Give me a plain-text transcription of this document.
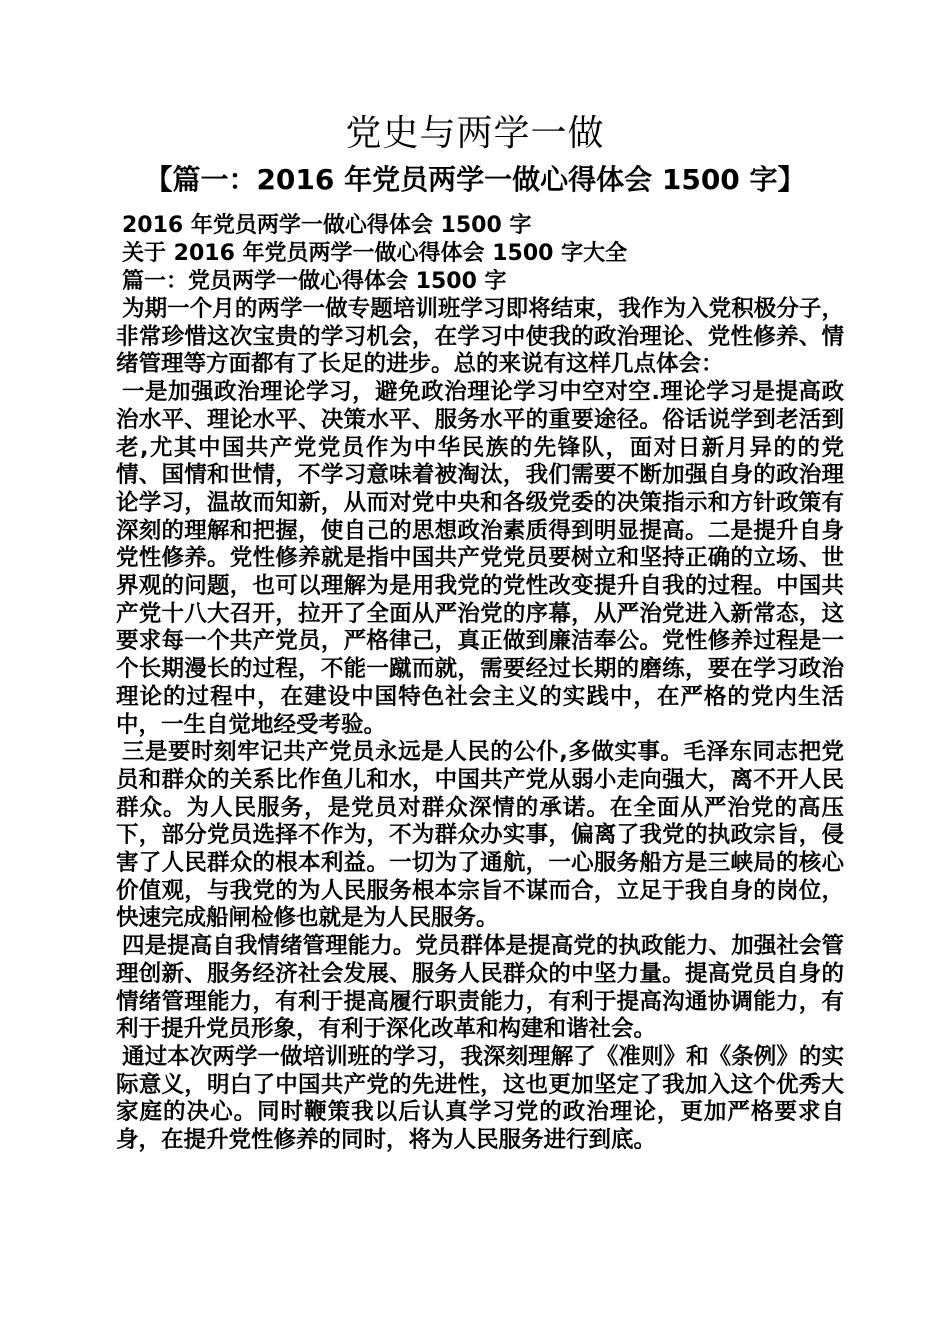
党史与两学一做
【篇一：2016 年党员两学一做心得体会 1500 字】

2016 年党员两学一做心得体会 1500 字

关于 2016 年党员两学一做心得体会 1500 字大全

篇一：党员两学一做心得体会 1500 字

为期一个月的两学一做专题培训班学习即将结束，我作为入党积极分子，非常珍惜这次宝贵的学习机会，在学习中使我的政治理论、党性修养、情绪管理等方面都有了长足的进步。总的来说有这样几点体会：

一是加强政治理论学习，避免政治理论学习中空对空.理论学习是提高政治水平、理论水平、决策水平、服务水平的重要途径。俗话说学到老活到老,尤其中国共产党党员作为中华民族的先锋队，面对日新月异的的党情、国情和世情，不学习意味着被淘汰，我们需要不断加强自身的政治理论学习，温故而知新，从而对党中央和各级党委的决策指示和方针政策有深刻的理解和把握，使自己的思想政治素质得到明显提高。二是提升自身党性修养。党性修养就是指中国共产党党员要树立和坚持正确的立场、世界观的问题，也可以理解为是用我党的党性改变提升自我的过程。中国共产党十八大召开，拉开了全面从严治党的序幕，从严治党进入新常态，这要求每一个共产党员，严格律己，真正做到廉洁奉公。党性修养过程是一个长期漫长的过程，不能一蹴而就，需要经过长期的磨练，要在学习政治理论的过程中，在建设中国特色社会主义的实践中，在严格的党内生活中，一生自觉地经受考验。

三是要时刻牢记共产党员永远是人民的公仆,多做实事。毛泽东同志把党员和群众的关系比作鱼儿和水，中国共产党从弱小走向强大，离不开人民群众。为人民服务，是党员对群众深情的承诺。在全面从严治党的高压下，部分党员选择不作为，不为群众办实事，偏离了我党的执政宗旨，侵害了人民群众的根本利益。一切为了通航，一心服务船方是三峡局的核心价值观，与我党的为人民服务根本宗旨不谋而合，立足于我自身的岗位，快速完成船闸检修也就是为人民服务。

四是提高自我情绪管理能力。党员群体是提高党的执政能力、加强社会管理创新、服务经济社会发展、服务人民群众的中坚力量。提高党员自身的情绪管理能力，有利于提高履行职责能力，有利于提高沟通协调能力，有利于提升党员形象，有利于深化改革和构建和谐社会。

通过本次两学一做培训班的学习，我深刻理解了《准则》和《条例》的实际意义，明白了中国共产党的先进性，这也更加坚定了我加入这个优秀大家庭的决心。同时鞭策我以后认真学习党的政治理论，更加严格要求自身，在提升党性修养的同时，将为人民服务进行到底。
